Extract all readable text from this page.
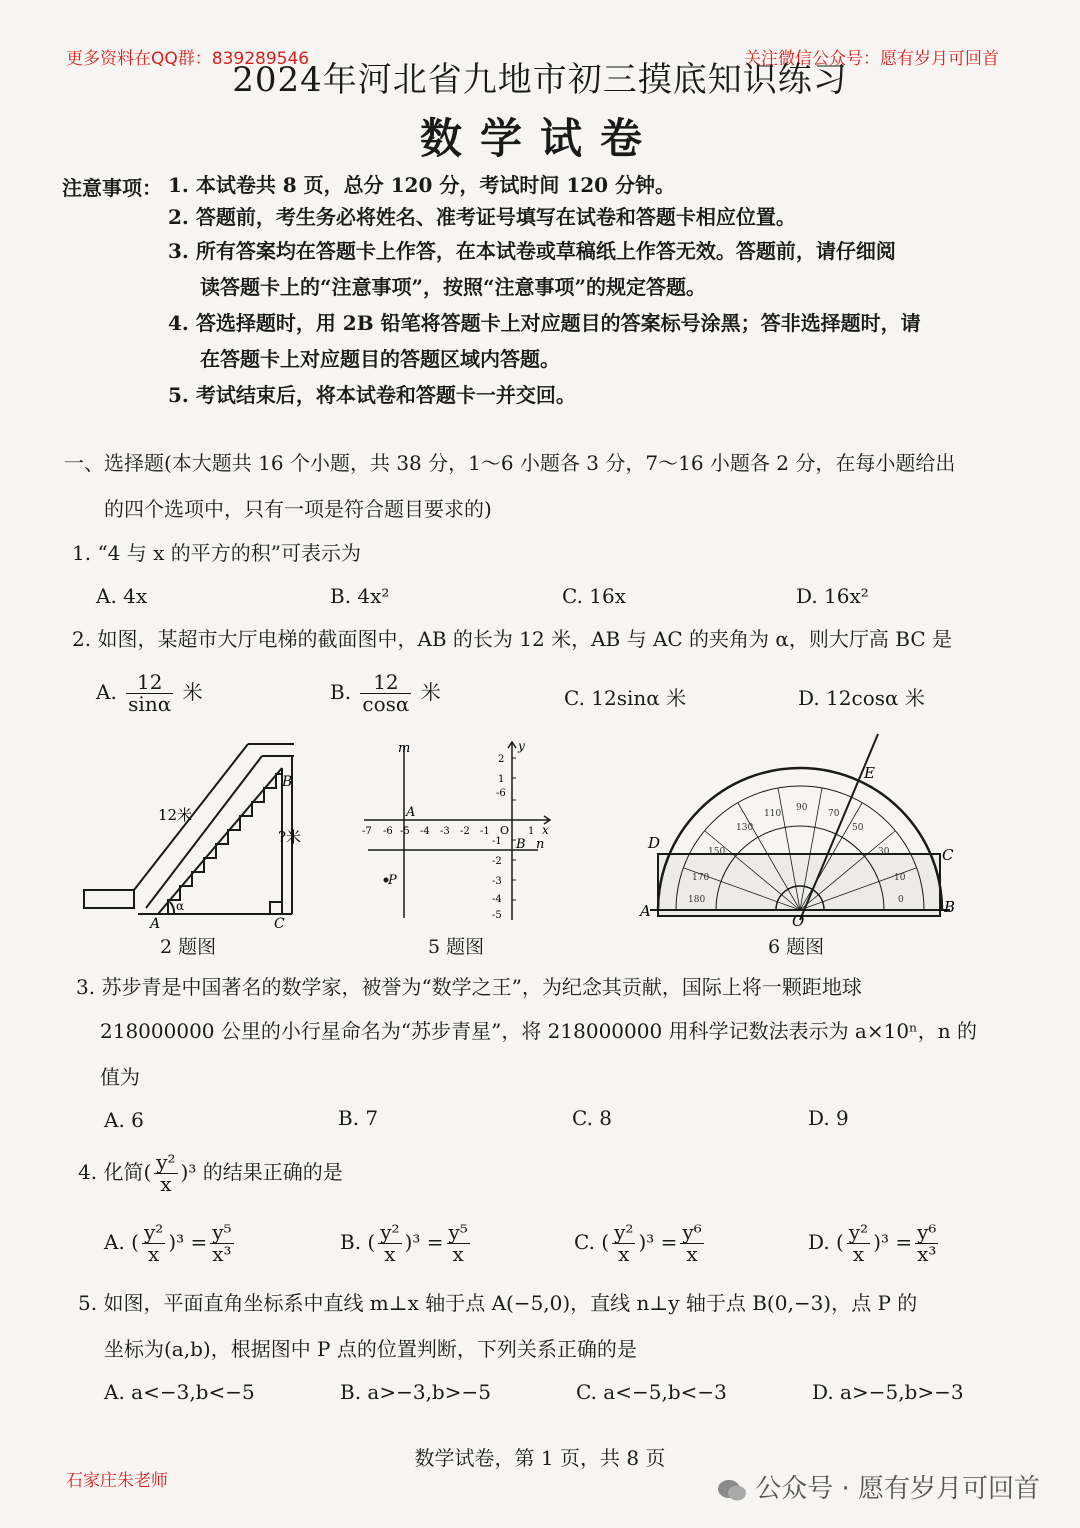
更多资料在QQ群：839289546	关注微信公众号：愿有岁月可回首
2024年河北省九地市初三摸底知识练习
数学试卷
注意事项： 1. 本试卷共 8 页，总分 120 分，考试时间 120 分钟。
2. 答题前，考生务必将姓名、准考证号填写在试卷和答题卡相应位置。
3. 所有答案均在答题卡上作答，在本试卷或草稿纸上作答无效。答题前，请仔细阅
读答题卡上的“注意事项”，按照“注意事项”的规定答题。
4. 答选择题时，用 2B 铅笔将答题卡上对应题目的答案标号涂黑；答非选择题时，请
在答题卡上对应题目的答题区域内答题。
5. 考试结束后，将本试卷和答题卡一并交回。
一、选择题(本大题共 16 个小题，共 38 分，1～6 小题各 3 分，7～16 小题各 2 分，在每小题给出
的四个选项中，只有一项是符合题目要求的)
1. “4 与 x 的平方的积”可表示为
A. 4x	B. 4x²	C. 16x	D. 16x²
2. 如图，某超市大厅电梯的截面图中，AB 的长为 12 米，AB 与 AC 的夹角为 α，则大厅高 BC 是
A. $\frac{12}{\sin\alpha}$ 米	B. $\frac{12}{\cos\alpha}$ 米	C. 12sinα 米	D. 12cosα 米
12米
?米
A
B
C
α
2 题图
m
n
A
B
P
x
y
O
-7 -6 -5 -4 -3 -2 -1	1
2
1
-1
-2
-3
-4
-5
-6
5 题图
180
170
150
130
110
90
70
50
30
10
0
A	B
C
D
E
O
6 题图
3. 苏步青是中国著名的数学家，被誉为“数学之王”，为纪念其贡献，国际上将一颗距地球
218000000 公里的小行星命名为“苏步青星”，将 218000000 用科学记数法表示为 a×10ⁿ，n 的
值为
A. 6	B. 7	C. 8	D. 9
4. 化简( $\frac{\text{y²}}{x} )^3$ 的结果正确的是
A. ( $\frac{\text{y²}}{x} )^3 = \frac{\text{y⁵}}{\text{x³}}$	B. ( $\frac{\text{y²}}{x} )^3 = \frac{\text{y⁵}}{x}$	C. ( $\frac{\text{y²}}{x} )^3 = \frac{\text{y⁶}}{x}$	D. ( $\frac{\text{y²}}{x} )^3 = \frac{\text{y⁶}}{\text{x³}}$
5. 如图，平面直角坐标系中直线 m⊥x 轴于点 A(−5,0)，直线 n⊥y 轴于点 B(0,−3)，点 P 的
坐标为(a,b)，根据图中 P 点的位置判断，下列关系正确的是
A. a<−3,b<−5	B. a>−3,b>−5	C. a<−5,b<−3	D. a>−5,b>−3
数学试卷，第 1 页，共 8 页
石家庄朱老师	公众号 · 愿有岁月可回首
